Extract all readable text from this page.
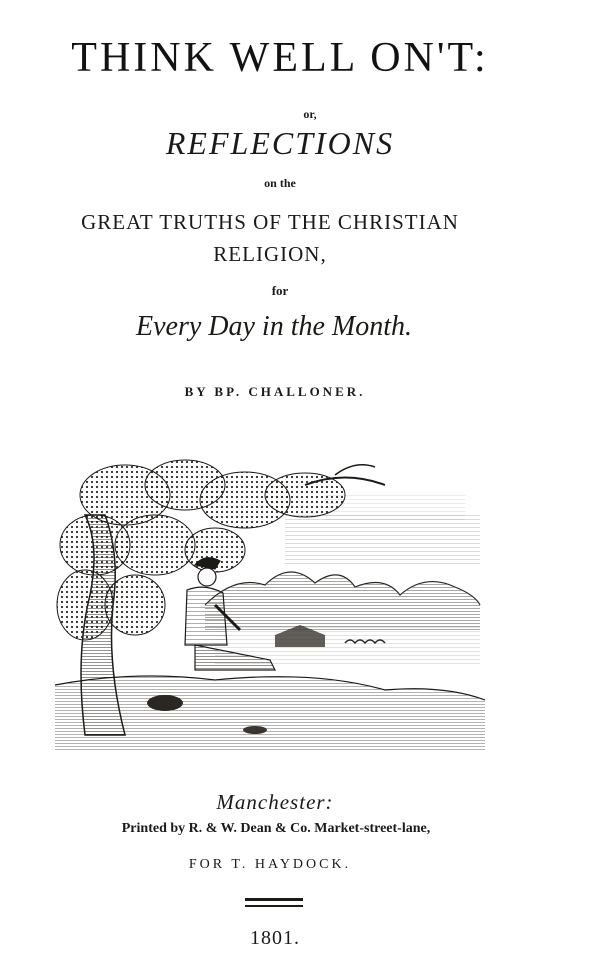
THINK WELL ON'T:
or,
REFLECTIONS
on the
GREAT TRUTHS OF THE CHRISTIAN
RELIGION,
for
Every Day in the Month.
BY BP. CHALLONER.
Manchester:
Printed by R. & W. Dean & Co. Market-street-lane,
FOR T. HAYDOCK.
1801.
